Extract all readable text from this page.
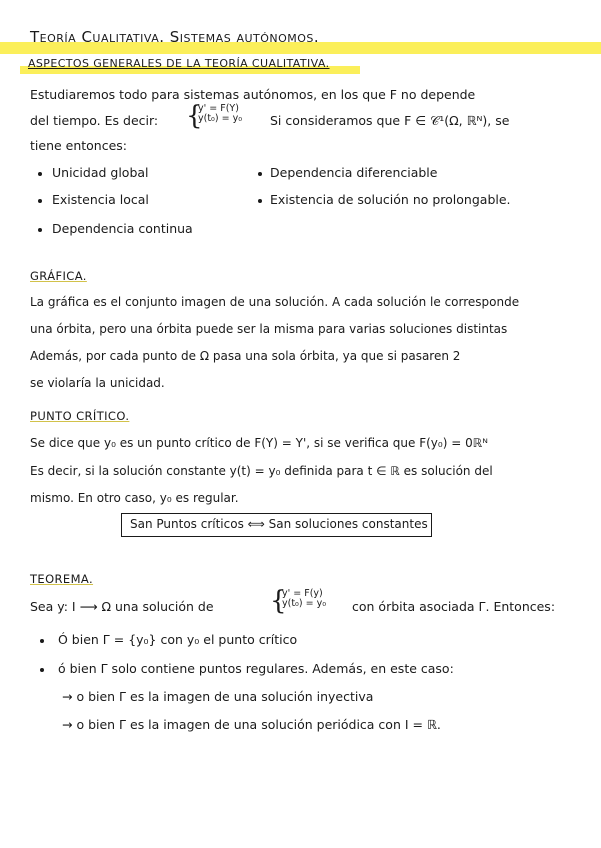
Teoría Cualitativa. Sistemas autónomos.
ASPECTOS GENERALES DE LA TEORÍA CUALITATIVA.
Estudiaremos todo para sistemas autónomos, en los que F no depende
del tiempo. Es decir: {
y' = F(Y)
y(t₀) = y₀ Si consideramos que F ∈ 𝒞¹(Ω, ℝᴺ), se
tiene entonces:
Unicidad global
Existencia local
Dependencia continua
Dependencia diferenciable
Existencia de solución no prolongable.
GRÁFICA.
La gráfica es el conjunto imagen de una solución. A cada solución le corresponde
una órbita, pero una órbita puede ser la misma para varias soluciones distintas
Además, por cada punto de Ω pasa una sola órbita, ya que si pasaren 2
se violaría la unicidad.
PUNTO CRÍTICO.
Se dice que y₀ es un punto crítico de F(Y) = Y', si se verifica que F(y₀) = 0ℝᴺ
Es decir, si la solución constante y(t) = y₀ definida para t ∈ ℝ es solución del
mismo. En otro caso, y₀ es regular.
San Puntos críticos ⟺ San soluciones constantes
TEOREMA.
Sea y: I ⟶ Ω una solución de {
y' = F(y)
y(t₀) = y₀ con órbita asociada Γ. Entonces:
Ó bien Γ = {y₀} con y₀ el punto crítico
ó bien Γ solo contiene puntos regulares. Además, en este caso:
→ o bien Γ es la imagen de una solución inyectiva
→ o bien Γ es la imagen de una solución periódica con I = ℝ.
